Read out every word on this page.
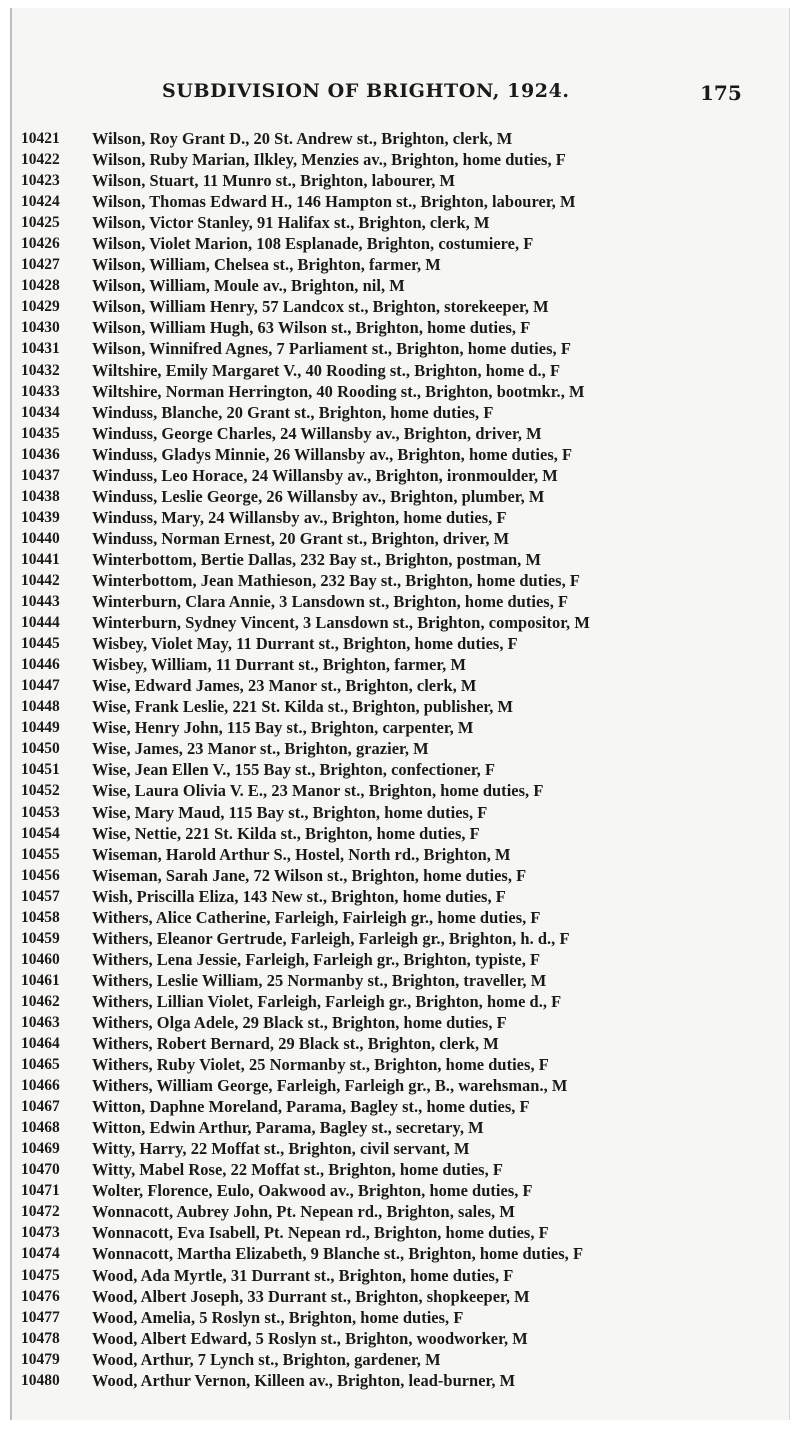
SUBDIVISION OF BRIGHTON, 1924.	175
10421 Wilson, Roy Grant D., 20 St. Andrew st., Brighton, clerk, M
10422 Wilson, Ruby Marian, Ilkley, Menzies av., Brighton, home duties, F
10423 Wilson, Stuart, 11 Munro st., Brighton, labourer, M
10424 Wilson, Thomas Edward H., 146 Hampton st., Brighton, labourer, M
10425 Wilson, Victor Stanley, 91 Halifax st., Brighton, clerk, M
10426 Wilson, Violet Marion, 108 Esplanade, Brighton, costumiere, F
10427 Wilson, William, Chelsea st., Brighton, farmer, M
10428 Wilson, William, Moule av., Brighton, nil, M
10429 Wilson, William Henry, 57 Landcox st., Brighton, storekeeper, M
10430 Wilson, William Hugh, 63 Wilson st., Brighton, home duties, F
10431 Wilson, Winnifred Agnes, 7 Parliament st., Brighton, home duties, F
10432 Wiltshire, Emily Margaret V., 40 Rooding st., Brighton, home d., F
10433 Wiltshire, Norman Herrington, 40 Rooding st., Brighton, bootmkr., M
10434 Winduss, Blanche, 20 Grant st., Brighton, home duties, F
10435 Winduss, George Charles, 24 Willansby av., Brighton, driver, M
10436 Winduss, Gladys Minnie, 26 Willansby av., Brighton, home duties, F
10437 Winduss, Leo Horace, 24 Willansby av., Brighton, ironmoulder, M
10438 Winduss, Leslie George, 26 Willansby av., Brighton, plumber, M
10439 Winduss, Mary, 24 Willansby av., Brighton, home duties, F
10440 Winduss, Norman Ernest, 20 Grant st., Brighton, driver, M
10441 Winterbottom, Bertie Dallas, 232 Bay st., Brighton, postman, M
10442 Winterbottom, Jean Mathieson, 232 Bay st., Brighton, home duties, F
10443 Winterburn, Clara Annie, 3 Lansdown st., Brighton, home duties, F
10444 Winterburn, Sydney Vincent, 3 Lansdown st., Brighton, compositor, M
10445 Wisbey, Violet May, 11 Durrant st., Brighton, home duties, F
10446 Wisbey, William, 11 Durrant st., Brighton, farmer, M
10447 Wise, Edward James, 23 Manor st., Brighton, clerk, M
10448 Wise, Frank Leslie, 221 St. Kilda st., Brighton, publisher, M
10449 Wise, Henry John, 115 Bay st., Brighton, carpenter, M
10450 Wise, James, 23 Manor st., Brighton, grazier, M
10451 Wise, Jean Ellen V., 155 Bay st., Brighton, confectioner, F
10452 Wise, Laura Olivia V. E., 23 Manor st., Brighton, home duties, F
10453 Wise, Mary Maud, 115 Bay st., Brighton, home duties, F
10454 Wise, Nettie, 221 St. Kilda st., Brighton, home duties, F
10455 Wiseman, Harold Arthur S., Hostel, North rd., Brighton, M
10456 Wiseman, Sarah Jane, 72 Wilson st., Brighton, home duties, F
10457 Wish, Priscilla Eliza, 143 New st., Brighton, home duties, F
10458 Withers, Alice Catherine, Farleigh, Fairleigh gr., home duties, F
10459 Withers, Eleanor Gertrude, Farleigh, Farleigh gr., Brighton, h. d., F
10460 Withers, Lena Jessie, Farleigh, Farleigh gr., Brighton, typiste, F
10461 Withers, Leslie William, 25 Normanby st., Brighton, traveller, M
10462 Withers, Lillian Violet, Farleigh, Farleigh gr., Brighton, home d., F
10463 Withers, Olga Adele, 29 Black st., Brighton, home duties, F
10464 Withers, Robert Bernard, 29 Black st., Brighton, clerk, M
10465 Withers, Ruby Violet, 25 Normanby st., Brighton, home duties, F
10466 Withers, William George, Farleigh, Farleigh gr., B., warehsman., M
10467 Witton, Daphne Moreland, Parama, Bagley st., home duties, F
10468 Witton, Edwin Arthur, Parama, Bagley st., secretary, M
10469 Witty, Harry, 22 Moffat st., Brighton, civil servant, M
10470 Witty, Mabel Rose, 22 Moffat st., Brighton, home duties, F
10471 Wolter, Florence, Eulo, Oakwood av., Brighton, home duties, F
10472 Wonnacott, Aubrey John, Pt. Nepean rd., Brighton, sales, M
10473 Wonnacott, Eva Isabell, Pt. Nepean rd., Brighton, home duties, F
10474 Wonnacott, Martha Elizabeth, 9 Blanche st., Brighton, home duties, F
10475 Wood, Ada Myrtle, 31 Durrant st., Brighton, home duties, F
10476 Wood, Albert Joseph, 33 Durrant st., Brighton, shopkeeper, M
10477 Wood, Amelia, 5 Roslyn st., Brighton, home duties, F
10478 Wood, Albert Edward, 5 Roslyn st., Brighton, woodworker, M
10479 Wood, Arthur, 7 Lynch st., Brighton, gardener, M
10480 Wood, Arthur Vernon, Killeen av., Brighton, lead-burner, M
